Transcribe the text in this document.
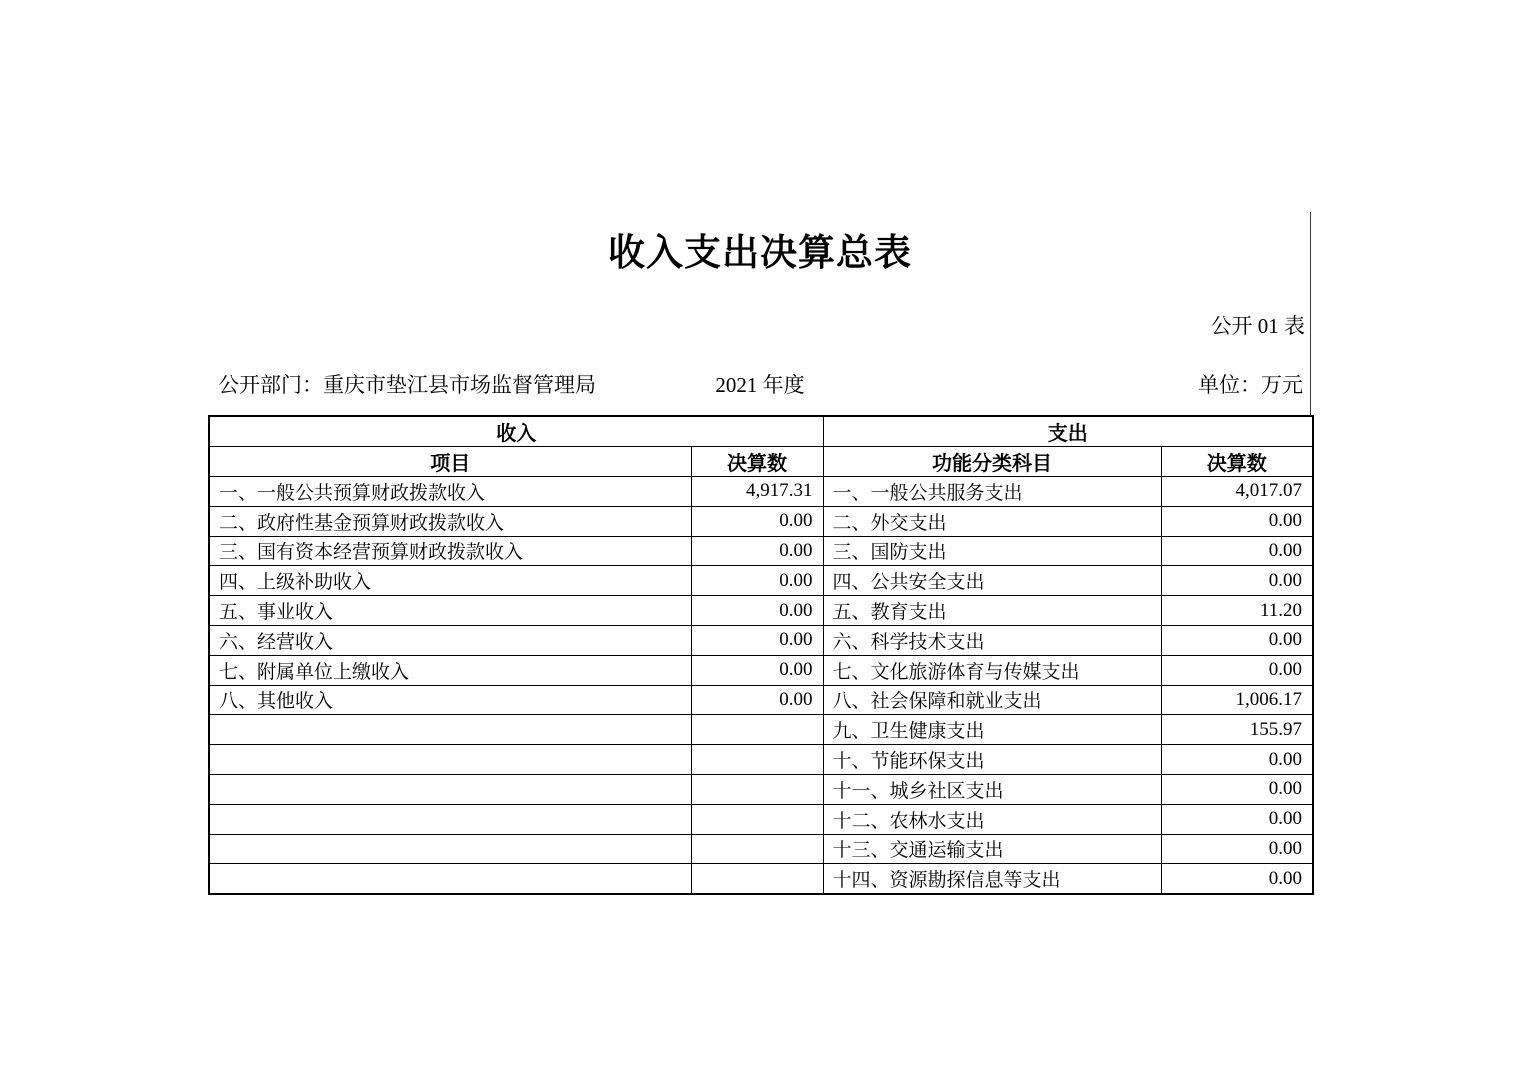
收入支出决算总表
公开 01 表
公开部门：重庆市垫江县市场监督管理局	2021 年度	单位：万元
收入		支出	
项目	决算数	功能分类科目	决算数
一、一般公共预算财政拨款收入	4,917.31	一、一般公共服务支出	4,017.07
二、政府性基金预算财政拨款收入	0.00	二、外交支出	0.00
三、国有资本经营预算财政拨款收入	0.00	三、国防支出	0.00
四、上级补助收入	0.00	四、公共安全支出	0.00
五、事业收入	0.00	五、教育支出	11.20
六、经营收入	0.00	六、科学技术支出	0.00
七、附属单位上缴收入	0.00	七、文化旅游体育与传媒支出	0.00
八、其他收入	0.00	八、社会保障和就业支出	1,006.17
		九、卫生健康支出	155.97
		十、节能环保支出	0.00
		十一、城乡社区支出	0.00
		十二、农林水支出	0.00
		十三、交通运输支出	0.00
		十四、资源勘探信息等支出	0.00
